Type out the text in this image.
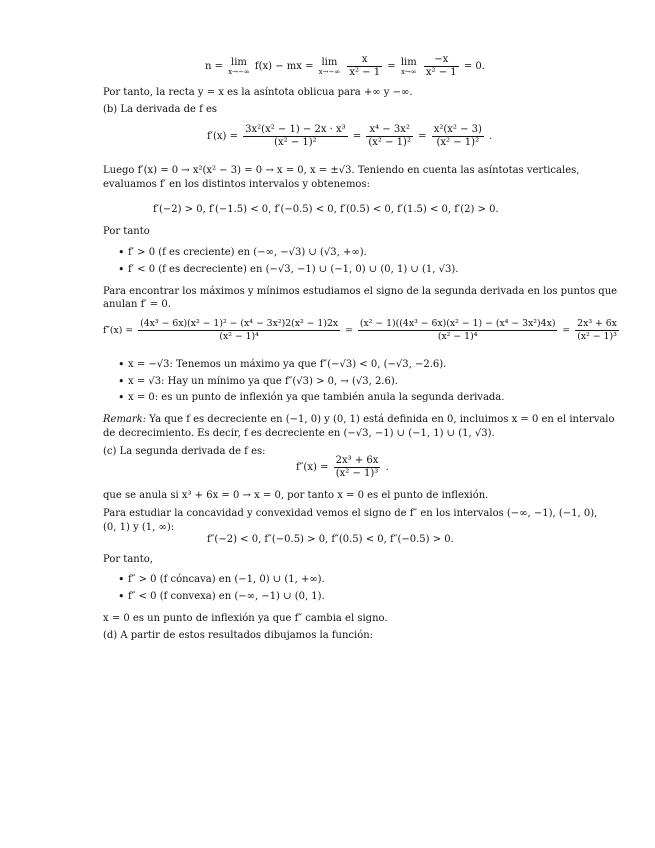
n = lim
x→−∞ f(x) − mx = lim
x→−∞
$\frac{x}{\text{x² − 1}} = \lim$
x→∞
$\frac{-x}{\text{x² − 1}} = 0$.
Por tanto, la recta y = x es la asíntota oblicua para +∞ y −∞.
(b) La derivada de f es
$f'(x) = \frac{\text{3x²(x² − 1) − 2x · x³}}{\text{(x² − 1)²}} = \frac{\text{x⁴ − 3x²}}{\text{(x² − 1)²}} = \frac{\text{x²(x² − 3)}}{\text{(x² − 1)²}}$ .
Luego f′(x) = 0 → x²(x² − 3) = 0 → x = 0, x = ±√3. Teniendo en cuenta las asíntotas verticales,
evaluamos f′ en los distintos intervalos y obtenemos:
f′(−2) > 0, f′(−1.5) < 0, f′(−0.5) < 0, f′(0.5) < 0, f′(1.5) < 0, f′(2) > 0.
Por tanto
• f′ > 0 (f es creciente) en (−∞, −√3) ∪ (√3, +∞).
• f′ < 0 (f es decreciente) en (−√3, −1) ∪ (−1, 0) ∪ (0, 1) ∪ (1, √3).
Para encontrar los máximos y mínimos estudiamos el signo de la segunda derivada en los puntos que
anulan f′ = 0.
$f''(x) = \frac{\text{(4x³ − 6x)(x² − 1)² − (x⁴ − 3x²)2(x² − 1)2x}}{\text{(x² − 1)⁴}} = \frac{\text{(x² − 1)((4x³ − 6x)(x² − 1) − (x⁴ − 3x²)4x)}}{\text{(x² − 1)⁴}} = \frac{\text{2x³ + 6x}}{\text{(x² − 1)³}}$
• x = −√3: Tenemos un máximo ya que f″(−√3) < 0, (−√3, −2.6).
• x = √3: Hay un mínimo ya que f″(√3) > 0, → (√3, 2.6).
• x = 0: es un punto de inflexión ya que también anula la segunda derivada.
Remark: Ya que f es decreciente en (−1, 0) y (0, 1) está definida en 0, incluimos x = 0 en el intervalo
de decrecimiento. Es decir, f es decreciente en (−√3, −1) ∪ (−1, 1) ∪ (1, √3).
(c) La segunda derivada de f es:
$f''(x) = \frac{\text{2x³ + 6x}}{\text{(x² − 1)³}}$ .
que se anula si x³ + 6x = 0 → x = 0, por tanto x = 0 es el punto de inflexión.
Para estudiar la concavidad y convexidad vemos el signo de f″ en los intervalos (−∞, −1), (−1, 0),
(0, 1) y (1, ∞):
f″(−2) < 0, f″(−0.5) > 0, f″(0.5) < 0, f″(−0.5) > 0.
Por tanto,
• f″ > 0 (f cóncava) en (−1, 0) ∪ (1, +∞).
• f″ < 0 (f convexa) en (−∞, −1) ∪ (0, 1).
x = 0 es un punto de inflexión ya que f″ cambia el signo.
(d) A partir de estos resultados dibujamos la función:
